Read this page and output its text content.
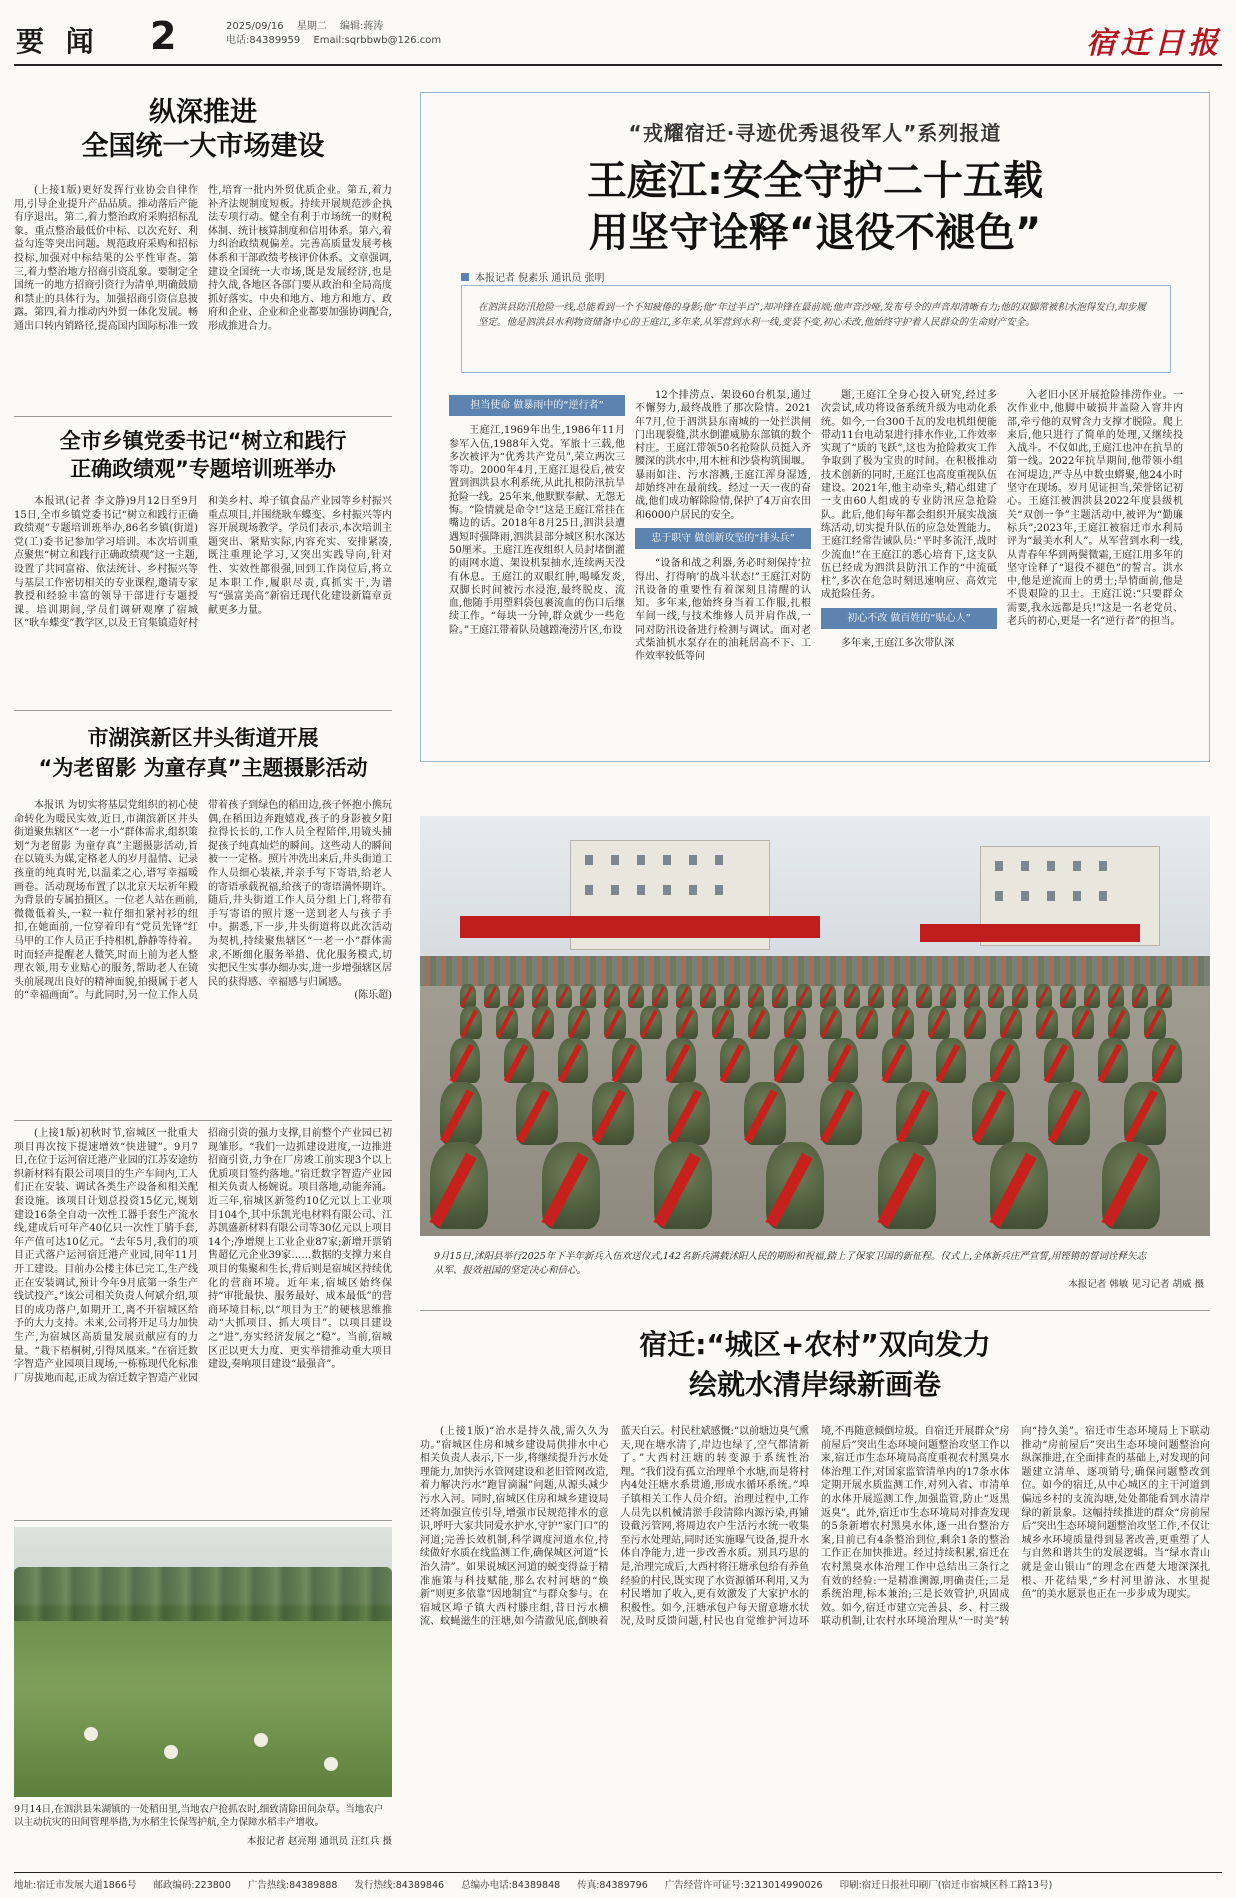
要 闻 2	2025/09/16 星期二 编辑:蒋涛
电话:84389959 Email:sqrbbwb@126.com	宿迁日报
纵深推进
全国统一大市场建设

(上接1版)更好发挥行业协会自律作用,引导企业提升产品品质。推动落后产能有序退出。第二,着力整治政府采购招标乱象。重点整治最低价中标、以次充好、利益勾连等突出问题。规范政府采购和招标投标,加强对中标结果的公平性审查。第三,着力整治地方招商引资乱象。要制定全国统一的地方招商引资行为清单,明确鼓励和禁止的具体行为。加强招商引资信息披露。第四,着力推动内外贸一体化发展。畅通出口转内销路径,提高国内国际标准一致性,培育一批内外贸优质企业。第五,着力补齐法规制度短板。持续开展规范涉企执法专项行动。健全有利于市场统一的财税体制、统计核算制度和信用体系。第六,着力纠治政绩观偏差。完善高质量发展考核体系和干部政绩考核评价体系。文章强调,建设全国统一大市场,既是发展经济,也是持久战,各地区各部门要从政治和全局高度抓好落实。中央和地方、地方和地方、政府和企业、企业和企业都要加强协调配合,形成推进合力。

全市乡镇党委书记“树立和践行
正确政绩观”专题培训班举办

本报讯(记者 李文静)9月12日至9月15日,全市乡镇党委书记“树立和践行正确政绩观”专题培训班举办,86名乡镇(街道)党(工)委书记参加学习培训。本次培训重点聚焦“树立和践行正确政绩观”这一主题,设置了共同富裕、依法统计、乡村振兴等与基层工作密切相关的专业课程,邀请专家教授和经验丰富的领导干部进行专题授课。培训期间,学员们调研观摩了宿城区“耿车蝶变”教学区,以及王官集镇造好村和美乡村、埠子镇食品产业园等乡村振兴重点项目,并围绕耿车蝶变、乡村振兴等内容开展现场教学。学员们表示,本次培训主题突出、紧贴实际,内容充实、安排紧凑,既注重理论学习,又突出实践导向,针对性、实效性都很强,回到工作岗位后,将立足本职工作,履职尽责,真抓实干,为谱写“强富美高”新宿迁现代化建设新篇章贡献更多力量。

市湖滨新区井头街道开展
“为老留影 为童存真”主题摄影活动

本报讯 为切实将基层党组织的初心使命转化为暖民实效,近日,市湖滨新区井头街道聚焦辖区“一老一小”群体需求,组织策划“为老留影 为童存真”主题摄影活动,旨在以镜头为媒,定格老人的岁月温情、记录孩童的纯真时光,以温柔之心,谱写幸福暖画卷。活动现场布置了以北京天坛祈年殿为背景的专属拍摄区。一位老人站在画前,微微低着头,一粒一粒仔细扣紧衬衫的纽扣,在她面前,一位穿着印有“党员先锋”红马甲的工作人员正手持相机,静静等待着。时而轻声提醒老人微笑,时而上前为老人整理衣领,用专业贴心的服务,帮助老人在镜头前展现出良好的精神面貌,拍摄属于老人的“幸福画面”。与此同时,另一位工作人员带着孩子到绿色的稻田边,孩子怀抱小熊玩偶,在稻田边奔跑嬉戏,孩子的身影被夕阳拉得长长的,工作人员全程陪伴,用镜头捕捉孩子纯真灿烂的瞬间。这些动人的瞬间被一一定格。照片冲洗出来后,井头街道工作人员细心装裱,并亲手写下寄语,给老人的寄语承载祝福,给孩子的寄语满怀期许。随后,井头街道工作人员分组上门,将带有手写寄语的照片逐一送到老人与孩子手中。据悉,下一步,井头街道将以此次活动为契机,持续聚焦辖区“一老一小”群体需求,不断细化服务举措、优化服务模式,切实把民生实事办细办实,进一步增强辖区居民的获得感、幸福感与归属感。

(陈乐超)

(上接1版)初秋时节,宿城区一批重大项目再次按下提速增效“快进键”。9月7日,在位于运河宿迁港产业园的江苏安途纺织新材料有限公司项目的生产车间内,工人们正在安装、调试各类生产设备和相关配套设施。该项目计划总投资15亿元,规划建设16条全自动一次性工器手套生产流水线,建成后可年产40亿只一次性丁腈手套,年产值可达10亿元。“去年5月,我们的项目正式落户运河宿迁港产业园,同年11月开工建设。目前办公楼主体已完工,生产线正在安装调试,预计今年9月底第一条生产线试投产。”该公司相关负责人何斌介绍,项目的成功落户,如期开工,离不开宿城区给予的大力支持。未来,公司将开足马力加快生产,为宿城区高质量发展贡献应有的力量。“栽下梧桐树,引得凤凰来。”在宿迁数字智造产业园项目现场,一栋栋现代化标准厂房拔地而起,正成为宿迁数字智造产业园招商引资的强力支撑,目前整个产业园已初现雏形。“我们一边抓建设进度,一边推进招商引资,力争在厂房竣工前实现3个以上优质项目签约落地。”宿迁数字智造产业园相关负责人杨婉说。项目落地,动能奔涌。近三年,宿城区新签约10亿元以上工业项目104个,其中乐凯光电材料有限公司、江苏凯盛新材料有限公司等30亿元以上项目14个;净增规上工业企业87家;新增开票销售超亿元企业39家……数据的支撑力来自项目的集聚和生长,背后则是宿城区持续优化的营商环境。近年来,宿城区始终保持“审批最快、服务最好、成本最低”的营商环境目标,以“项目为王”的硬核思维推动“大抓项目、抓大项目”。以项目建设之“进”,夯实经济发展之“稳”。当前,宿城区正以更大力度、更实举措推动重大项目建设,奏响项目建设“最强音”。

9月14日,在泗洪县朱湖镇的一处稻田里,当地农户抢抓农时,细致清除田间杂草。当地农户以主动抗灾的田间管理举措,为水稻生长保驾护航,全力保障水稻丰产增收。
本报记者 赵亮翔 通讯员 汪红兵 摄
“戎耀宿迁·寻迹优秀退役军人”系列报道
王庭江:安全守护二十五载
用坚守诠释“退役不褪色”
本报记者 倪素乐 通讯员 张明
在泗洪县防汛抢险一线,总能看到一个不知疲倦的身影;他“年过半百”,却冲锋在最前端;他声音沙哑,发布号令的声音却清晰有力;他的双脚常被积水泡得发白,却步履坚定。他是泗洪县水利物资储备中心的王庭江,多年来,从军营到水利一线,变装不变,初心未改,他始终守护着人民群众的生命财产安全。
担当使命 做暴雨中的“逆行者”

王庭江,1969年出生,1986年11月参军入伍,1988年入党。军旅十三载,他多次被评为“优秀共产党员”,荣立两次三等功。2000年4月,王庭江退役后,被安置到泗洪县水利系统,从此扎根防汛抗旱抢险一线。25年来,他默默奉献、无怨无悔。“险情就是命令!”这是王庭江常挂在嘴边的话。2018年8月25日,泗洪县遭遇短时强降雨,泗洪县部分城区积水深达50厘米。王庭江连夜组织人员封堵倒灌的雨网水道、架设机泵抽水,连续两天没有休息。王庭江的双眼红肿,喝嗓发炎,双脚长时间被污水浸泡,最终脱皮、流血,他随手用塑料袋包裹流血的伤口后继续工作。“每块一分钟,群众就少一些危险。”王庭江带着队员越蹚淹涝片区,布设

12个排涝点、架设60台机泵,通过不懈努力,最终战胜了那次险情。2021年7月,位于泗洪县东南城的一处拦洪闸门出现裂缝,洪水倒灌威胁东部镇的数个村庄。王庭江带领50名抢险队员挺入齐腰深的洪水中,用木桩和沙袋构筑围堰。暴雨如注、污水溶溅,王庭江浑身湿透,却始终冲在最前线。经过一天一夜的奋战,他们成功解除险情,保护了4万亩农田和6000户居民的安全。

忠于职守 做创新攻坚的“排头兵”

“设备和战之利器,务必时刻保持‘拉得出、打得响’的战斗状态!”王庭江对防汛设备的重要性有着深刻且清醒的认知。多年来,他始终身当着工作服,扎根车间一线,与技术维修人员并肩作战,一同对防汛设备进行检测与调试。面对老式柴油机水泵存在的油耗居高不下、工作效率较低等问

题,王庭江全身心投入研究,经过多次尝试,成功将设备系统升级为电动化系统。如今,一台300千瓦的发电机组便能带动11台电动泵进行排水作业,工作效率实现了“质的飞跃”,这也为抢险救灾工作争取到了极为宝贵的时间。在积极推动技术创新的同时,王庭江也高度重视队伍建设。2021年,他主动牵头,精心组建了一支由60人组成的专业防汛应急抢险队。此后,他们每年都会组织开展实战演练活动,切实提升队伍的应急处置能力。王庭江经常告诫队员:“平时多流汗,战时少流血!”在王庭江的悉心培育下,这支队伍已经成为泗洪县防汛工作的“中流砥柱”,多次在危急时刻迅速响应、高效完成抢险任务。

初心不改 做百姓的“贴心人”

多年来,王庭江多次带队深

入老旧小区开展抢险排涝作业。一次作业中,他脚中破损井盖险入窨井内部,牵亏他的双臂含力支撑才脱险。爬上来后,他只进行了简单的处理,又继续投入战斗。不仅如此,王庭江也冲在抗旱的第一线。2022年抗旱期间,他带领小组在河堤边,严寺丛中数虫蟒聚,他24小时坚守在现场。岁月见证担当,荣誉铭记初心。王庭江被泗洪县2022年度县级机关“双创一争”主题活动中,被评为“勤廉标兵”;2023年,王庭江被宿迁市水利局评为“最美水利人”。从军营到水利一线,从青春年华到两鬓微霜,王庭江用多年的坚守诠释了“退役不褪色”的誓言。洪水中,他是逆流而上的勇士;旱情面前,他是不畏艰险的卫士。王庭江说:“只要群众需要,我永远都是兵!”这是一名老党员、老兵的初心,更是一名“逆行者”的担当。

9月15日,沭阳县举行2025年下半年新兵入伍欢送仪式,142名新兵满载沭阳人民的期盼和祝福,踏上了保家卫国的新征程。仪式上,全体新兵庄严宣誓,用铿锵的誓词诠释矢志从军、报效祖国的坚定决心和信心。
本报记者 韩敏 见习记者 胡威 摄
宿迁:“城区+农村”双向发力
绘就水清岸绿新画卷

(上接1版)“治水是持久战,需久久为功。”宿城区住房和城乡建设局供排水中心相关负责人表示,下一步,将继续提升污水处理能力,加快污水管网建设和老旧管网改造,着力解决污水“跑冒滴漏”问题,从源头减少污水入河。同时,宿城区住房和城乡建设局还将加强宣传引导,增强市民规范排水的意识,呼吁大家共同爱水护水,守护“家门口”的河道;完善长效机制,科学调度河道水位,持续做好水质在线监测工作,确保城区河道“长治久清”。如果说城区河道的蜕变得益于精准施策与科技赋能,那么农村河塘的“焕新”则更多依靠“因地制宜”与群众参与。在宿城区埠子镇大西村滕庄组,昔日污水横流、蚊蝇滋生的汪塘,如今清澈见底,倒映着蓝天白云。村民杜斌感慨:“以前塘边臭气熏天,现在塘水清了,岸边也绿了,空气都清新了。”大西村汪塘的转变源于系统性治理。“我们没有孤立治理单个水塘,而是将村内4处汪塘水系贯通,形成水循环系统。”埠子镇相关工作人员介绍。治理过程中,工作人员先以机械清淤手段清除内源污染,再铺设截污管网,将周边农户生活污水统一收集至污水处理站,同时还实施曝气设备,提升水体自净能力,进一步改善水质。别具巧思的是,治理完成后,大西村将汪塘承包给有养鱼经验的村民,既实现了水资源循环利用,又为村民增加了收入,更有效激发了大家护水的积极性。如今,汪塘承包户每天留意塘水状况,及时反馈问题,村民也自觉维护河边环境,不再随意倾倒垃圾。自宿迁开展群众“房前屋后”突出生态环境问题整治攻坚工作以来,宿迁市生态环境局高度重视农村黑臭水体治理工作,对国家监管清单内的17条水体定期开展水质监测工作,对列入省、市清单的水体开展巡测工作,加强监管,防止“返黑返臭”。此外,宿迁市生态环境局对排查发现的5条新增农村黑臭水体,逐一出台整治方案,目前已有4条整治到位,剩余1条的整治工作正在加快推进。经过持续积累,宿迁在农村黑臭水体治理工作中总结出三条行之有效的经验:一是精准溯源,明确责任;二是系统治理,标本兼治;三是长效管护,巩固成效。如今,宿迁市建立完善县、乡、村三级联动机制,让农村水环境治理从“一时美”转向“持久美”。宿迁市生态环境局上下联动推动“房前屋后”突出生态环境问题整治向纵深推进,在全面排查的基础上,对发现的问题建立清单、逐项销号,确保问题整改到位。如今的宿迁,从中心城区的主干河道到偏远乡村的支流沟塘,处处都能看到水清岸绿的新景象。这幅持续推进的群众“房前屋后”突出生态环境问题整治攻坚工作,不仅让城乡水环境质量得到显著改善,更重塑了人与自然和谐共生的发展逻辑。当“绿水青山就是金山银山”的理念在西楚大地深深扎根、开花结果,“乡村河里游泳、水里捉鱼”的美水愿景也正在一步步成为现实。

地址:宿迁市发展大道1866号 邮政编码:223800 广告热线:84389888 发行热线:84389846 总编办电话:84389848 传真:84389796 广告经营许可证号:3213014990026 印刷:宿迁日报社印刷厂(宿迁市宿城区科工路13号)
